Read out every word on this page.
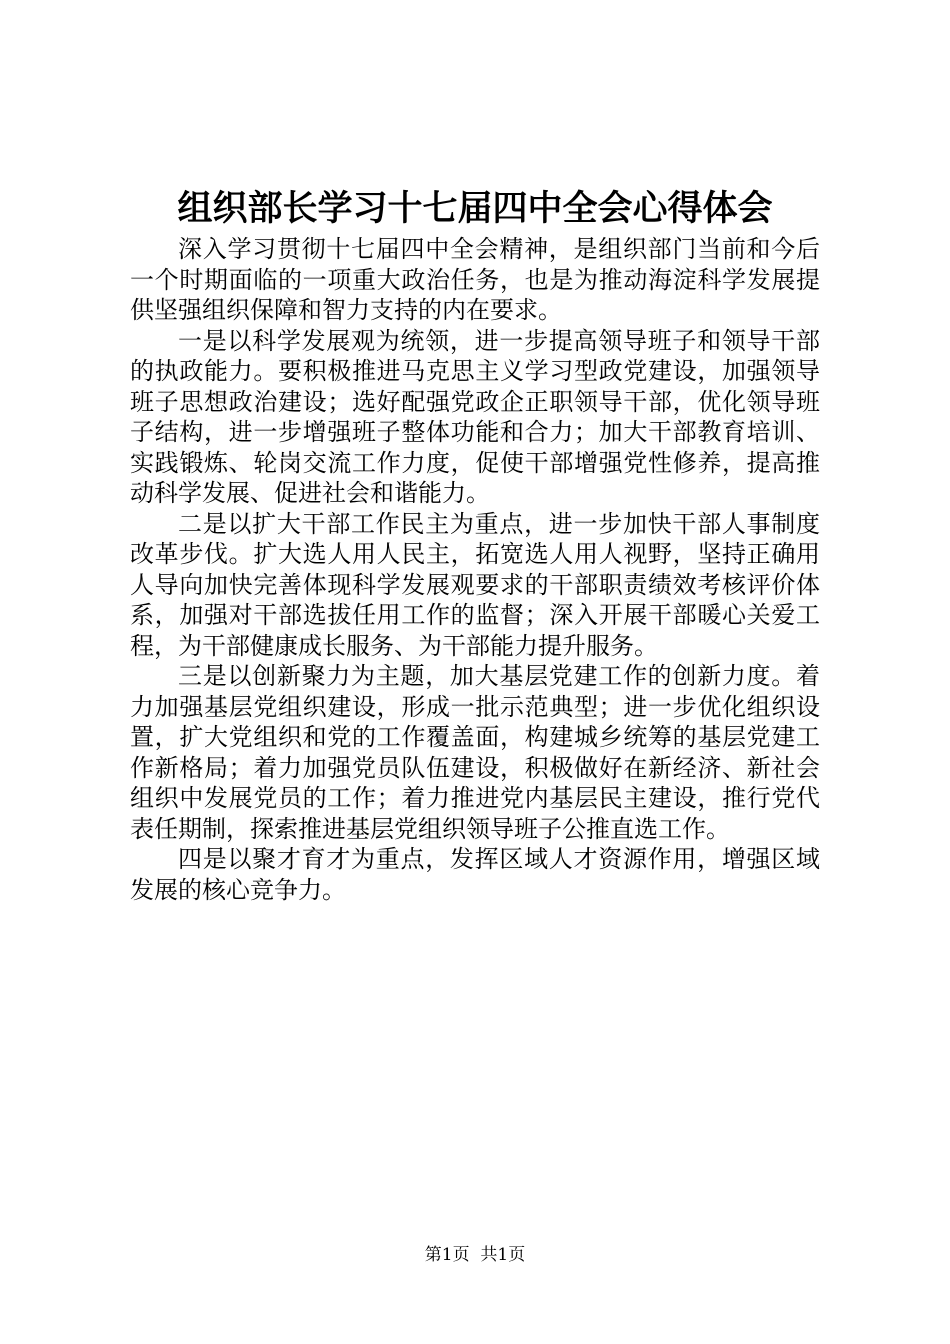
组织部长学习十七届四中全会心得体会

深入学习贯彻十七届四中全会精神，是组织部门当前和今后一个时期面临的一项重大政治任务，也是为推动海淀科学发展提供坚强组织保障和智力支持的内在要求。

一是以科学发展观为统领，进一步提高领导班子和领导干部的执政能力。要积极推进马克思主义学习型政党建设，加强领导班子思想政治建设；选好配强党政企正职领导干部，优化领导班子结构，进一步增强班子整体功能和合力；加大干部教育培训、实践锻炼、轮岗交流工作力度，促使干部增强党性修养，提高推动科学发展、促进社会和谐能力。

二是以扩大干部工作民主为重点，进一步加快干部人事制度改革步伐。扩大选人用人民主，拓宽选人用人视野，坚持正确用人导向加快完善体现科学发展观要求的干部职责绩效考核评价体系，加强对干部选拔任用工作的监督；深入开展干部暖心关爱工程，为干部健康成长服务、为干部能力提升服务。

三是以创新聚力为主题，加大基层党建工作的创新力度。着力加强基层党组织建设，形成一批示范典型；进一步优化组织设置，扩大党组织和党的工作覆盖面，构建城乡统筹的基层党建工作新格局；着力加强党员队伍建设，积极做好在新经济、新社会组织中发展党员的工作；着力推进党内基层民主建设，推行党代表任期制，探索推进基层党组织领导班子公推直选工作。

四是以聚才育才为重点，发挥区域人才资源作用，增强区域发展的核心竞争力。

第1页 共1页
